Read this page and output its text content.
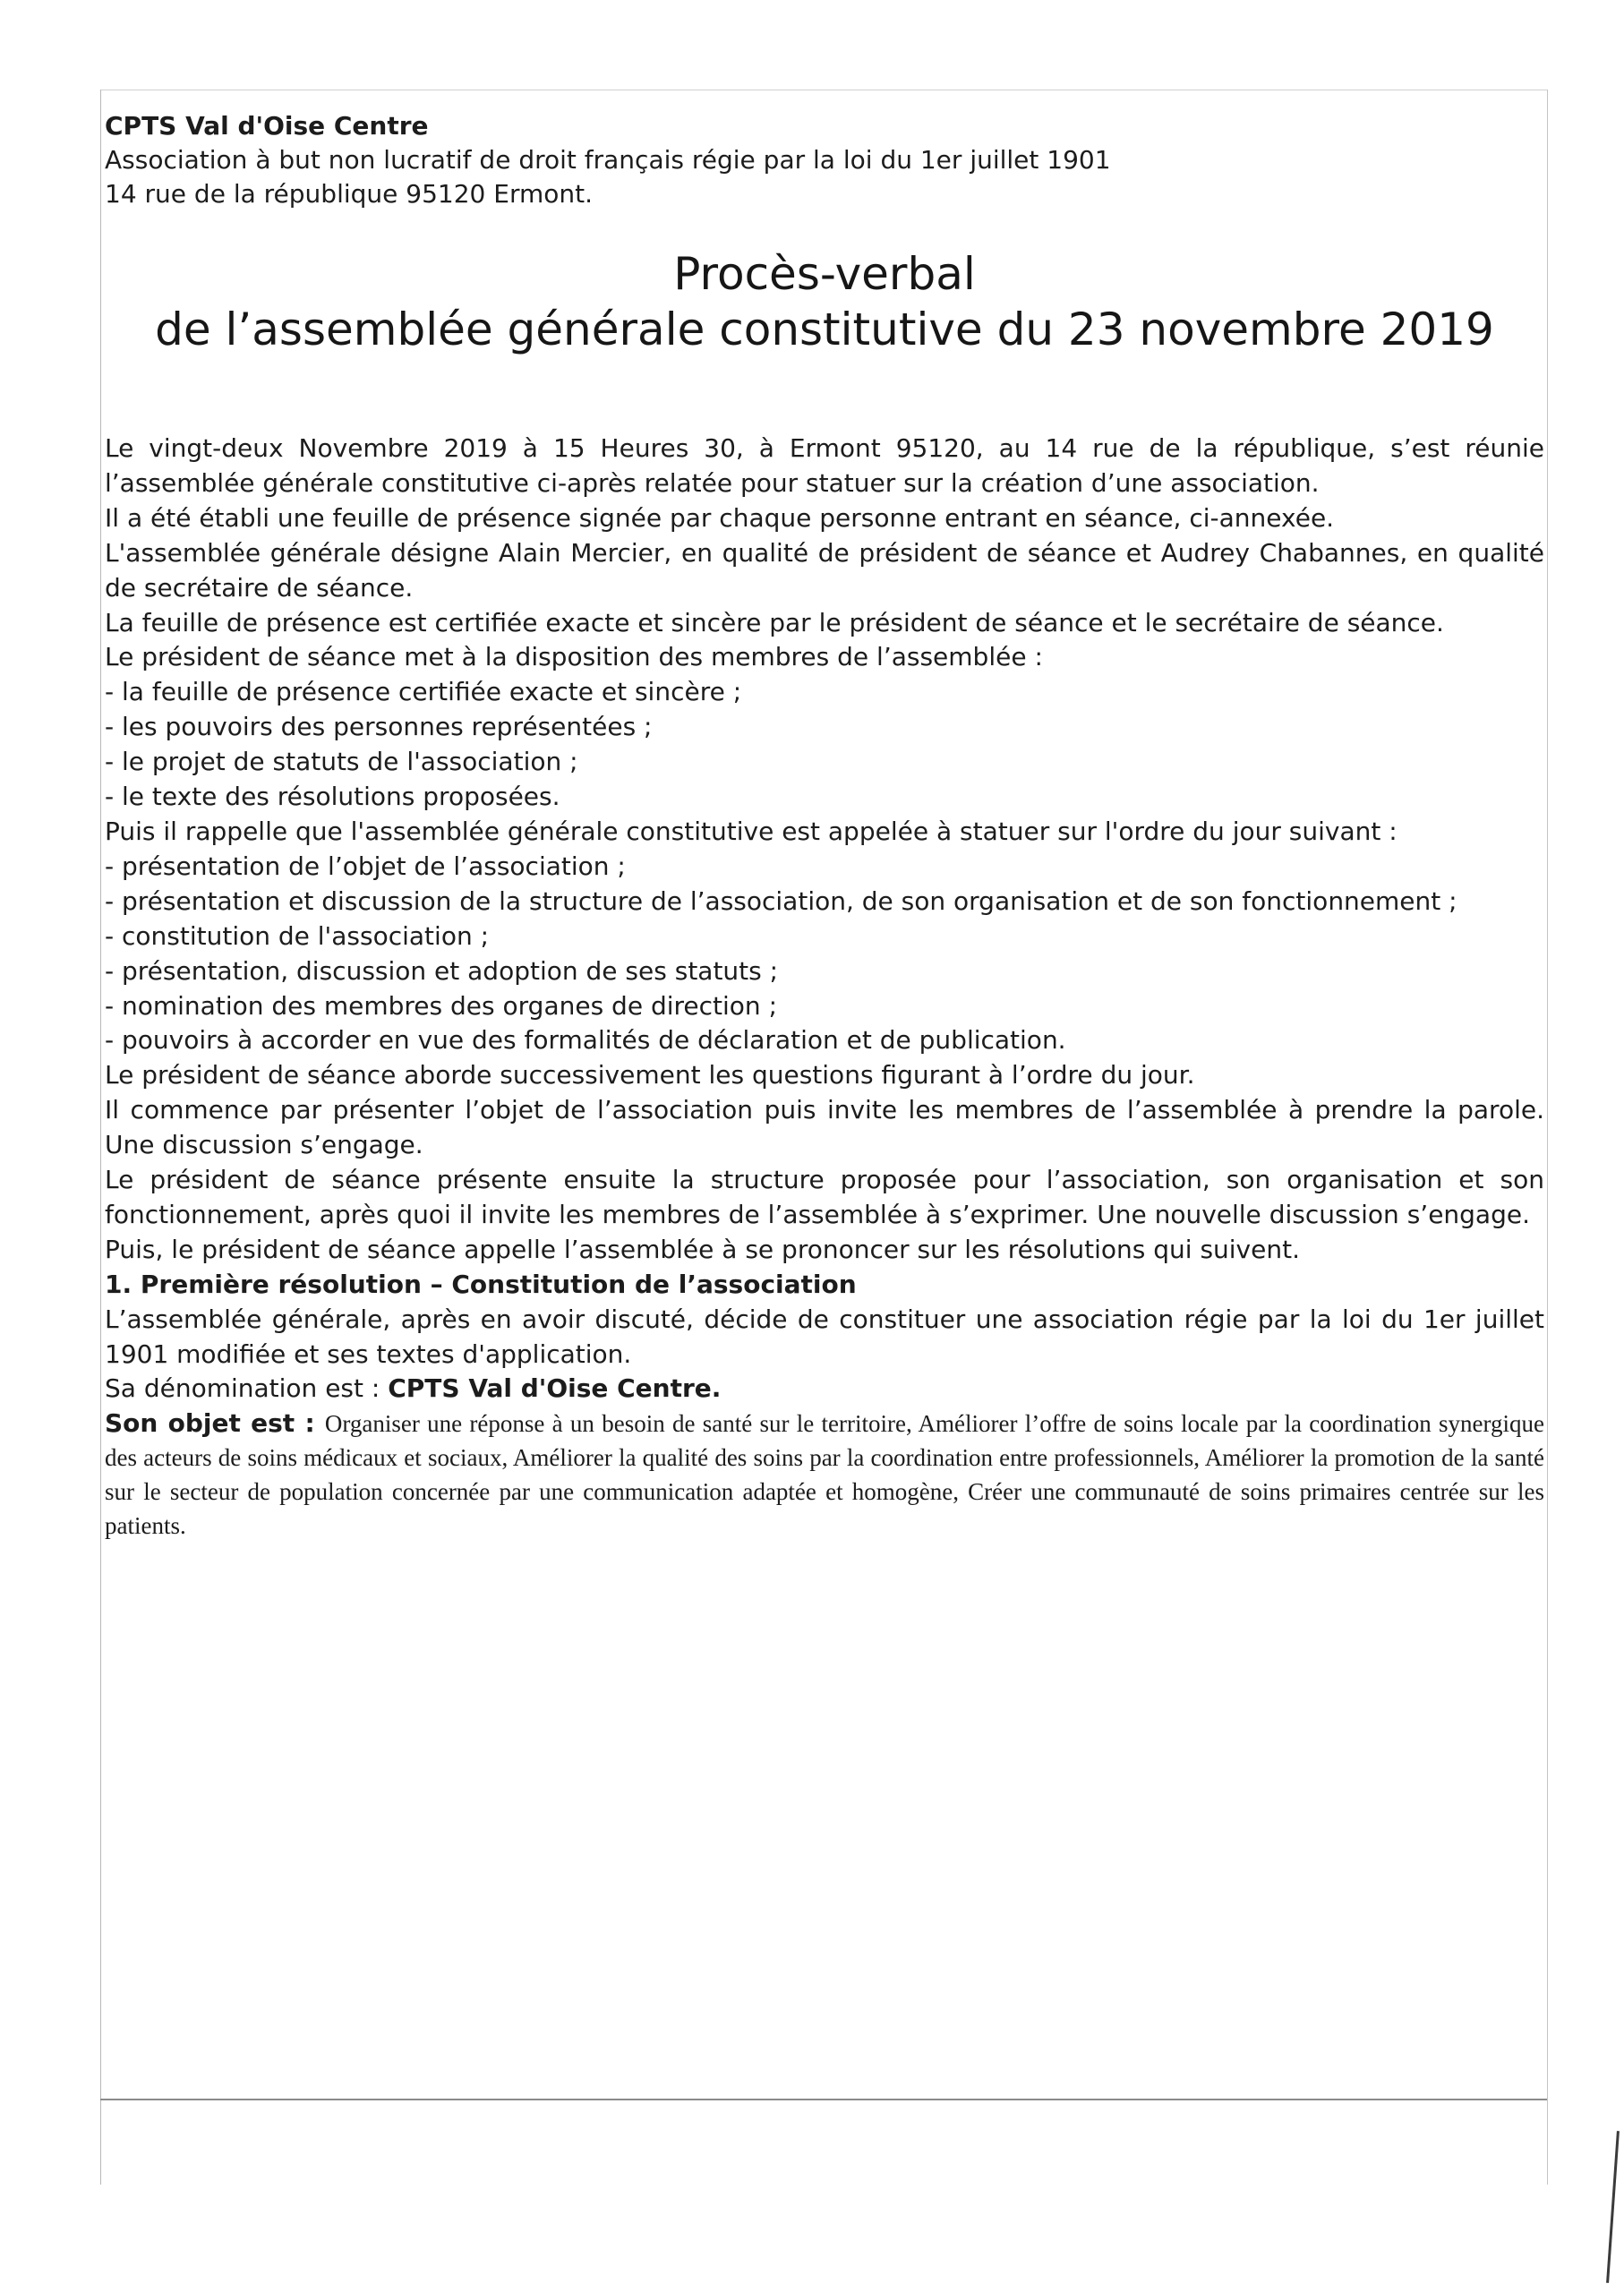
CPTS Val d'Oise Centre
Association à but non lucratif de droit français régie par la loi du 1er juillet 1901
14 rue de la république 95120 Ermont.
Procès-verbal
de l’assemblée générale constitutive du 23 novembre 2019

Le vingt-deux Novembre 2019 à 15 Heures 30, à Ermont 95120, au 14 rue de la république, s’est réunie l’assemblée générale constitutive ci-après relatée pour statuer sur la création d’une association.

Il a été établi une feuille de présence signée par chaque personne entrant en séance, ci-annexée.

L'assemblée générale désigne Alain Mercier, en qualité de président de séance et Audrey Chabannes, en qualité de secrétaire de séance.

La feuille de présence est certifiée exacte et sincère par le président de séance et le secrétaire de séance.

Le président de séance met à la disposition des membres de l’assemblée :

- la feuille de présence certifiée exacte et sincère ;

- les pouvoirs des personnes représentées ;

- le projet de statuts de l'association ;

- le texte des résolutions proposées.

Puis il rappelle que l'assemblée générale constitutive est appelée à statuer sur l'ordre du jour suivant :

- présentation de l’objet de l’association ;

- présentation et discussion de la structure de l’association, de son organisation et de son fonctionnement ;

- constitution de l'association ;

- présentation, discussion et adoption de ses statuts ;

- nomination des membres des organes de direction ;

- pouvoirs à accorder en vue des formalités de déclaration et de publication.

Le président de séance aborde successivement les questions figurant à l’ordre du jour.

Il commence par présenter l’objet de l’association puis invite les membres de l’assemblée à prendre la parole. Une discussion s’engage.

Le président de séance présente ensuite la structure proposée pour l’association, son organisation et son fonctionnement, après quoi il invite les membres de l’assemblée à s’exprimer. Une nouvelle discussion s’engage.

Puis, le président de séance appelle l’assemblée à se prononcer sur les résolutions qui suivent.

1. Première résolution – Constitution de l’association

L’assemblée générale, après en avoir discuté, décide de constituer une association régie par la loi du 1er juillet 1901 modifiée et ses textes d'application.

Sa dénomination est : CPTS Val d'Oise Centre.

Son objet est : Organiser une réponse à un besoin de santé sur le territoire, Améliorer l’offre de soins locale par la coordination synergique des acteurs de soins médicaux et sociaux, Améliorer la qualité des soins par la coordination entre professionnels, Améliorer la promotion de la santé sur le secteur de population concernée par une communication adaptée et homogène, Créer une communauté de soins primaires centrée sur les patients.
